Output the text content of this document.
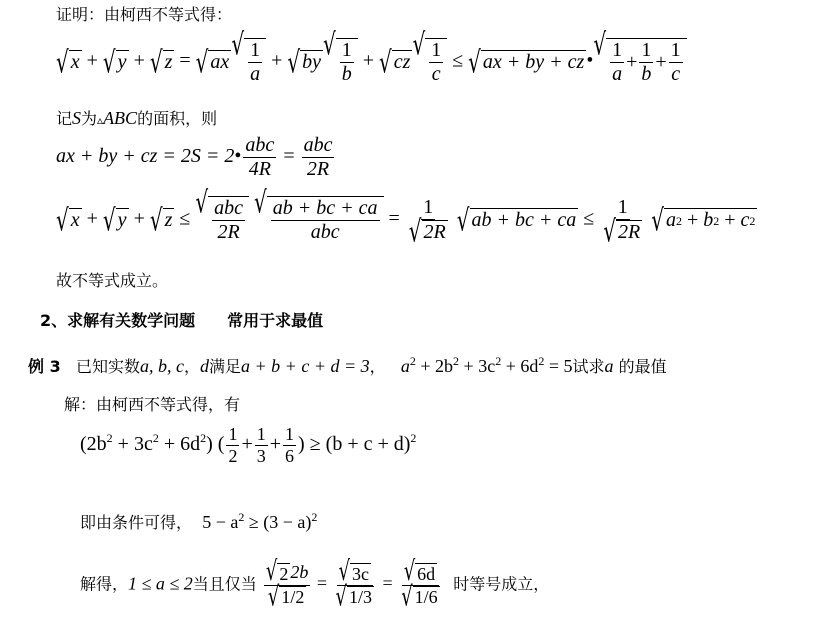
证明：由柯西不等式得：
√ x + √ y + √ z = √ ax √ $\frac{1}{a}$ + √ by √ $\frac{1}{b}$ + √ cz √ $\frac{1}{c}$ ≤ √ ax + by + cz • √ $\frac{1}{a} + \frac{1}{b} + \frac{1}{c}$
记S为▵ABC的面积，则
ax + by + cz = 2S = 2• $\frac{\text{abc}}{4R} = \frac{\text{abc}}{2R}$
√ x + √ y + √ z ≤ √ $\frac{\text{abc}}{2R}$
√ $\frac{ab + bc + ca}{\text{abc}} = \frac{1}{√ 2R}$
√ ab + bc + ca ≤ $\frac{1}{√ 2R}$
√ a 2 + b 2 + c 2
故不等式成立。
2、求解有关数学问题　　常用于求最值
例 3 已知实数a, b, c，d满足a + b + c + d = 3， $a^2 + 2b^2 + 3c^2 + 6d^2 = 5$试求a 的最值
解：由柯西不等式得，有
$(2b^2 + 3c^2 + 6d^2)$ ( $\frac{1}{2} + \frac{1}{3} + \frac{1}{6}$ ) ≥ $(b + c + d)^2$
即由条件可得， $5 - a^2 \ge (3 - a)^2$
解得，1 ≤ a ≤ 2当且仅当 $\frac{√ 2 2b}{√ 1/2} = \frac{√ 3c}{√ 1/3} = \frac{√ 6d}{√ 1/6}$ 时等号成立，
